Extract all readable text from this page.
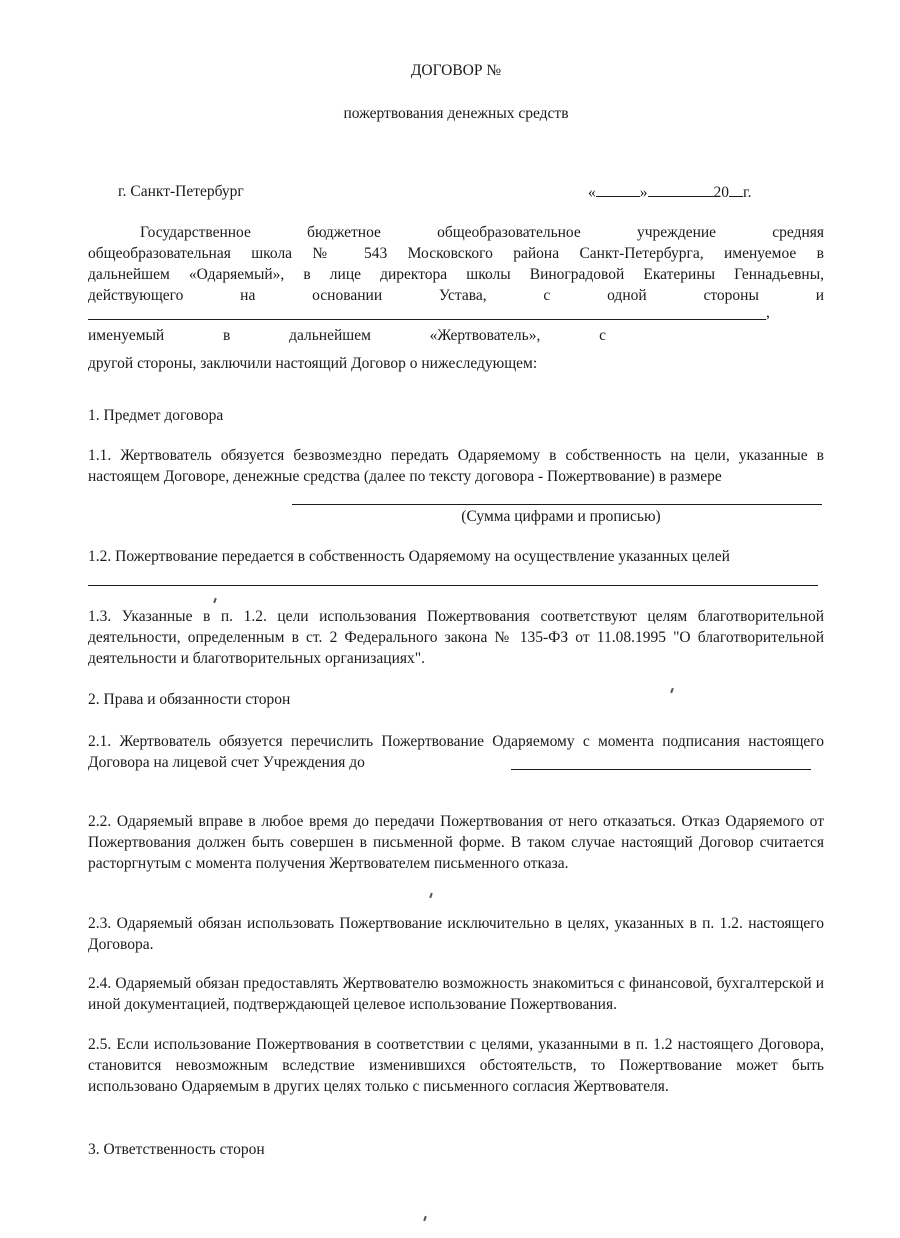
ДОГОВОР №

пожертвования денежных средств

г. Санкт-Петербург	«	»	20 г.

Государственное бюджетное общеобразовательное учреждение средняя

общеобразовательная школа № 543 Московского района Санкт-Петербурга, именуемое в

дальнейшем «Одаряемый», в лице директора школы Виноградовой Екатерины Геннадьевны,

действующего на основании Устава, с одной стороны и

,

именуемый в дальнейшем «Жертвователь», с

другой стороны, заключили настоящий Договор о нижеследующем:

1. Предмет договора

1.1. Жертвователь обязуется безвозмездно передать Одаряемому в собственность на цели, указанные в настоящем Договоре, денежные средства (далее по тексту договора - Пожертвование) в размере

(Сумма цифрами и прописью)

1.2. Пожертвование передается в собственность Одаряемому на осуществление указанных целей

1.3. Указанные в п. 1.2. цели использования Пожертвования соответствуют целям благотворительной деятельности, определенным в ст. 2 Федерального закона № 135-ФЗ от 11.08.1995 "О благотворительной деятельности и благотворительных организациях".

2. Права и обязанности сторон

2.1. Жертвователь обязуется перечислить Пожертвование Одаряемому с момента подписания настоящего Договора на лицевой счет Учреждения до

2.2. Одаряемый вправе в любое время до передачи Пожертвования от него отказаться. Отказ Одаряемого от Пожертвования должен быть совершен в письменной форме. В таком случае настоящий Договор считается расторгнутым с момента получения Жертвователем письменного отказа.

2.3. Одаряемый обязан использовать Пожертвование исключительно в целях, указанных в п. 1.2. настоящего Договора.

2.4. Одаряемый обязан предоставлять Жертвователю возможность знакомиться с финансовой, бухгалтерской и иной документацией, подтверждающей целевое использование Пожертвования.

2.5. Если использование Пожертвования в соответствии с целями, указанными в п. 1.2 настоящего Договора, становится невозможным вследствие изменившихся обстоятельств, то Пожертвование может быть использовано Одаряемым в других целях только с письменного согласия Жертвователя.

3. Ответственность сторон
